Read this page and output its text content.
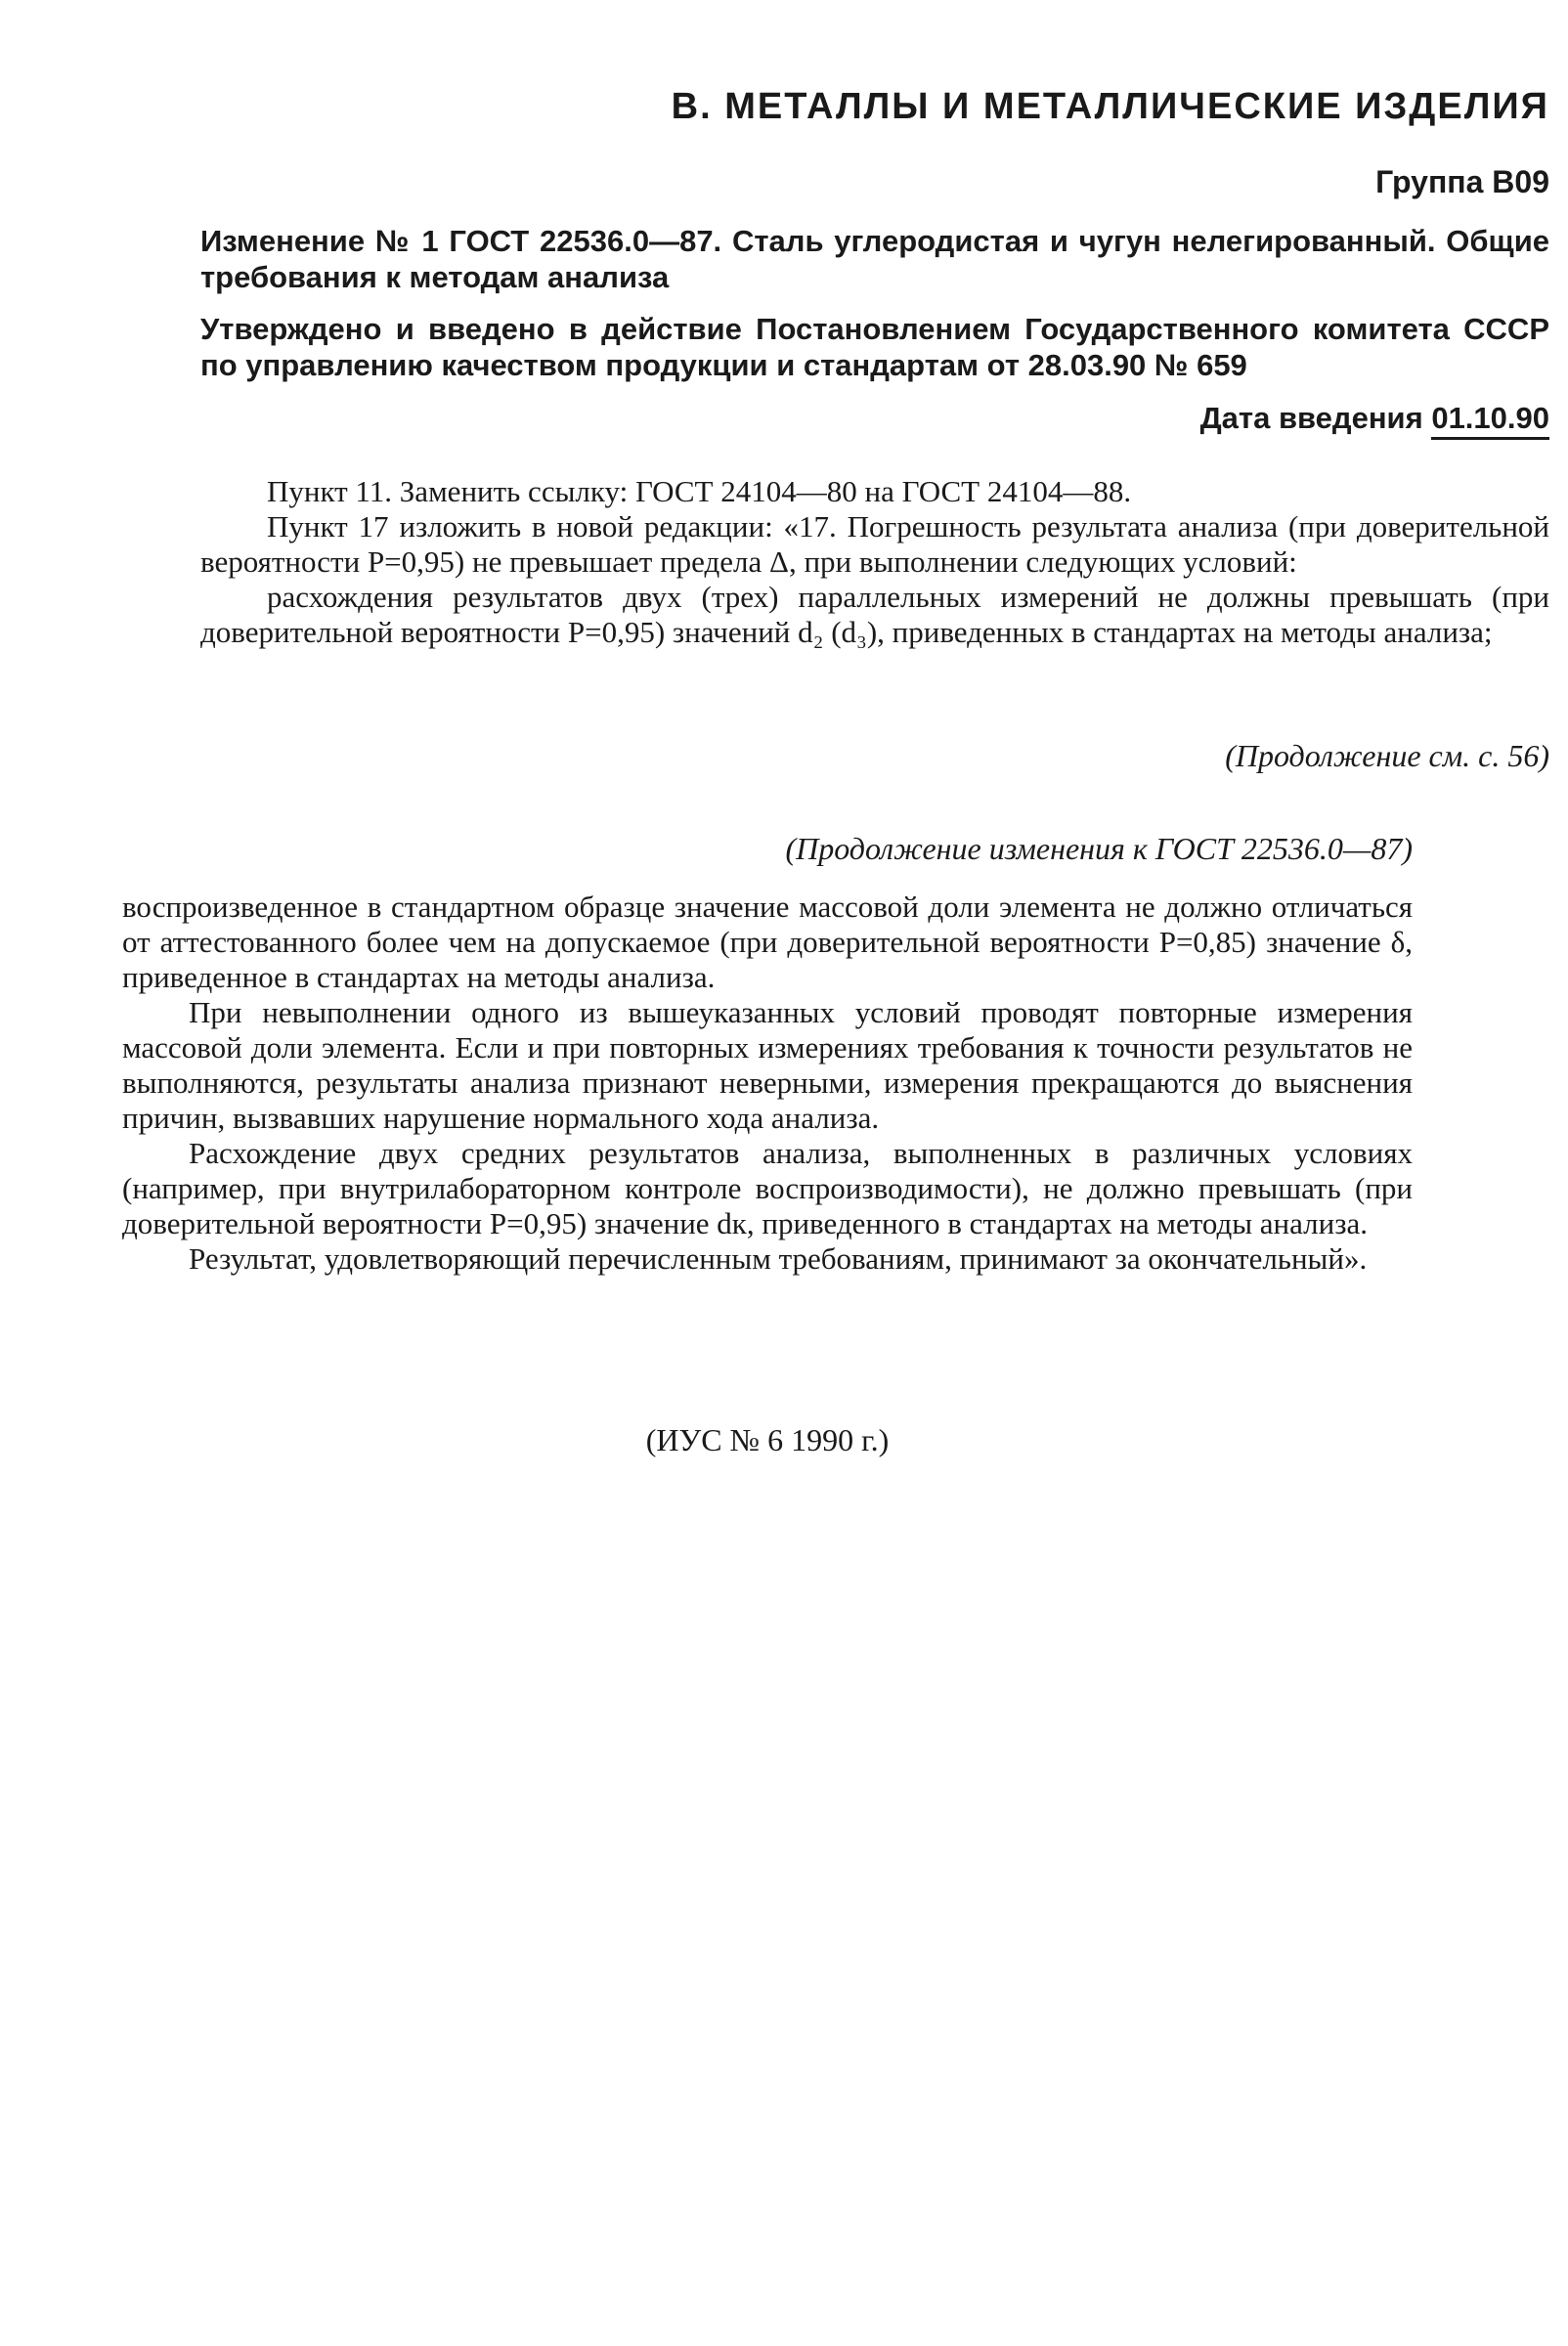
В. МЕТАЛЛЫ И МЕТАЛЛИЧЕСКИЕ ИЗДЕЛИЯ
Группа В09
Изменение № 1 ГОСТ 22536.0—87. Сталь углеродистая и чугун нелегированный. Общие требования к методам анализа
Утверждено и введено в действие Постановлением Государственного комитета СССР по управлению качеством продукции и стандартам от 28.03.90 № 659
Дата введения 01.10.90

Пункт 11. Заменить ссылку: ГОСТ 24104—80 на ГОСТ 24104—88.

Пункт 17 изложить в новой редакции: «17. Погрешность результата анализа (при доверительной вероятности P=0,95) не превышает предела Δ, при выполнении следующих условий:

расхождения результатов двух (трех) параллельных измерений не должны превышать (при доверительной вероятности P=0,95) значений d₂ (d₃), приведенных в стандартах на методы анализа;

(Продолжение см. с. 56)
(Продолжение изменения к ГОСТ 22536.0—87)

воспроизведенное в стандартном образце значение массовой доли элемента не должно отличаться от аттестованного более чем на допускаемое (при доверительной вероятности P=0,85) значение δ, приведенное в стандартах на методы анализа.

При невыполнении одного из вышеуказанных условий проводят повторные измерения массовой доли элемента. Если и при повторных измерениях требования к точности результатов не выполняются, результаты анализа признают неверными, измерения прекращаются до выяснения причин, вызвавших нарушение нормального хода анализа.

Расхождение двух средних результатов анализа, выполненных в различных условиях (например, при внутрилабораторном контроле воспроизводимости), не должно превышать (при доверительной вероятности P=0,95) значение dк, приведенного в стандартах на методы анализа.

Результат, удовлетворяющий перечисленным требованиям, принимают за окончательный».

(ИУС № 6 1990 г.)
